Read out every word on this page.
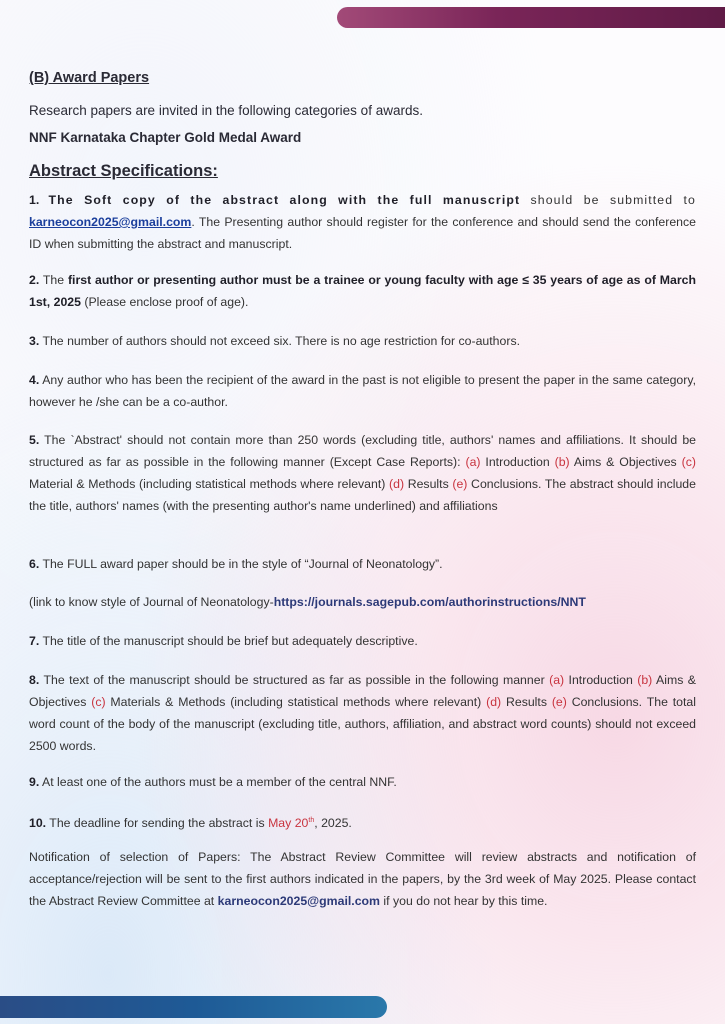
(B) Award Papers
Research papers are invited in the following categories of awards.
NNF Karnataka Chapter Gold Medal Award
Abstract Specifications:

1. The Soft copy of the abstract along with the full manuscript should be submitted to karneocon2025@gmail.com. The Presenting author should register for the conference and should send the conference ID when submitting the abstract and manuscript.

2. The first author or presenting author must be a trainee or young faculty with age ≤ 35 years of age as of March 1st, 2025 (Please enclose proof of age).

3. The number of authors should not exceed six. There is no age restriction for co-authors.

4. Any author who has been the recipient of the award in the past is not eligible to present the paper in the same category, however he /she can be a co-author.

5. The `Abstract' should not contain more than 250 words (excluding title, authors' names and affiliations. It should be structured as far as possible in the following manner (Except Case Reports): (a) Introduction (b) Aims & Objectives (c) Material & Methods (including statistical methods where relevant) (d) Results (e) Conclusions. The abstract should include the title, authors' names (with the presenting author's name underlined) and affiliations

6. The FULL award paper should be in the style of “Journal of Neonatology”.

(link to know style of Journal of Neonatology-https://journals.sagepub.com/authorinstructions/NNT

7. The title of the manuscript should be brief but adequately descriptive.

8. The text of the manuscript should be structured as far as possible in the following manner (a) Introduction (b) Aims & Objectives (c) Materials & Methods (including statistical methods where relevant) (d) Results (e) Conclusions. The total word count of the body of the manuscript (excluding title, authors, affiliation, and abstract word counts) should not exceed 2500 words.

9. At least one of the authors must be a member of the central NNF.

10. The deadline for sending the abstract is May 20th, 2025.

Notification of selection of Papers: The Abstract Review Committee will review abstracts and notification of acceptance/rejection will be sent to the first authors indicated in the papers, by the 3rd week of May 2025. Please contact the Abstract Review Committee at karneocon2025@gmail.com if you do not hear by this time.
